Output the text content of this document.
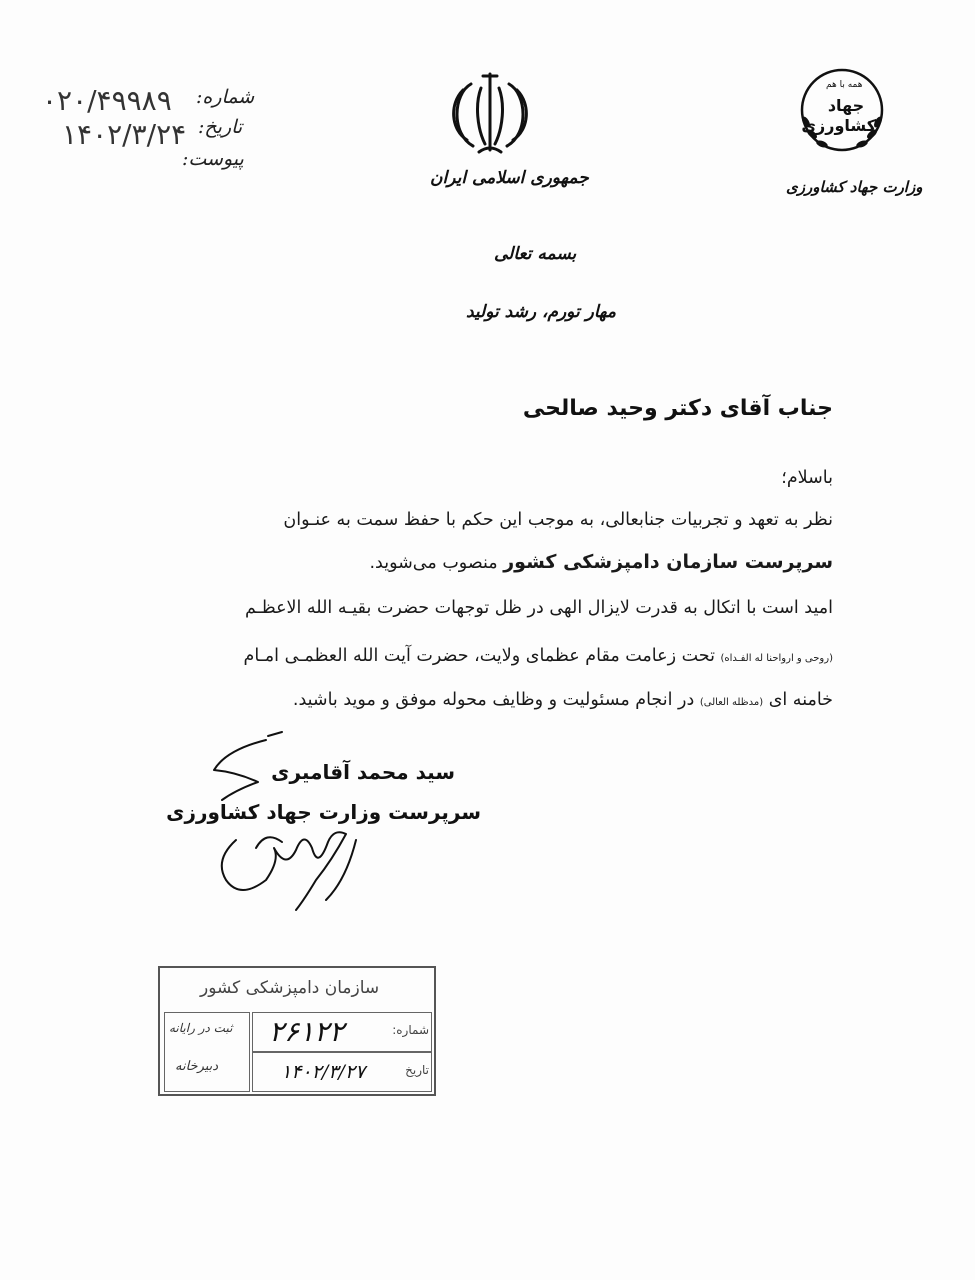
۰۲۰/۴۹۹۸۹ شماره:
۱۴۰۲/۳/۲۴ تاریخ:
پیوست:
جمهوری اسلامی ایران
همه با هم
جهاد کشاورزی
وزارت جهاد کشاورزی
بسمه تعالی
مهار تورم، رشد تولید
جناب آقای دکتر وحید صالحی
باسلام؛
نظر به تعهد و تجربیات جنابعالی، به موجب این حکم با حفظ سمت به عنـوان
سرپرست سازمان دامپزشکی کشور منصوب می‌شوید.
امید است با اتکال به قدرت لایزال الهی در ظل توجهات حضرت بقیـه الله الاعظـم
(روحی و ارواحنا له الفـداه) تحت زعامت مقام عظمای ولایت، حضرت آیت الله العظمـی امـام
خامنه ای (مدظله العالی) در انجام مسئولیت و وظایف محوله موفق و موید باشید.
سید محمد آقامیری
سرپرست وزارت جهاد کشاورزی
سازمان دامپزشکی کشور
شماره:
۲۶۱۲۲
تاریخ
۱۴۰۲/۳/۲۷
ثبت در رایانه
دبیرخانه
